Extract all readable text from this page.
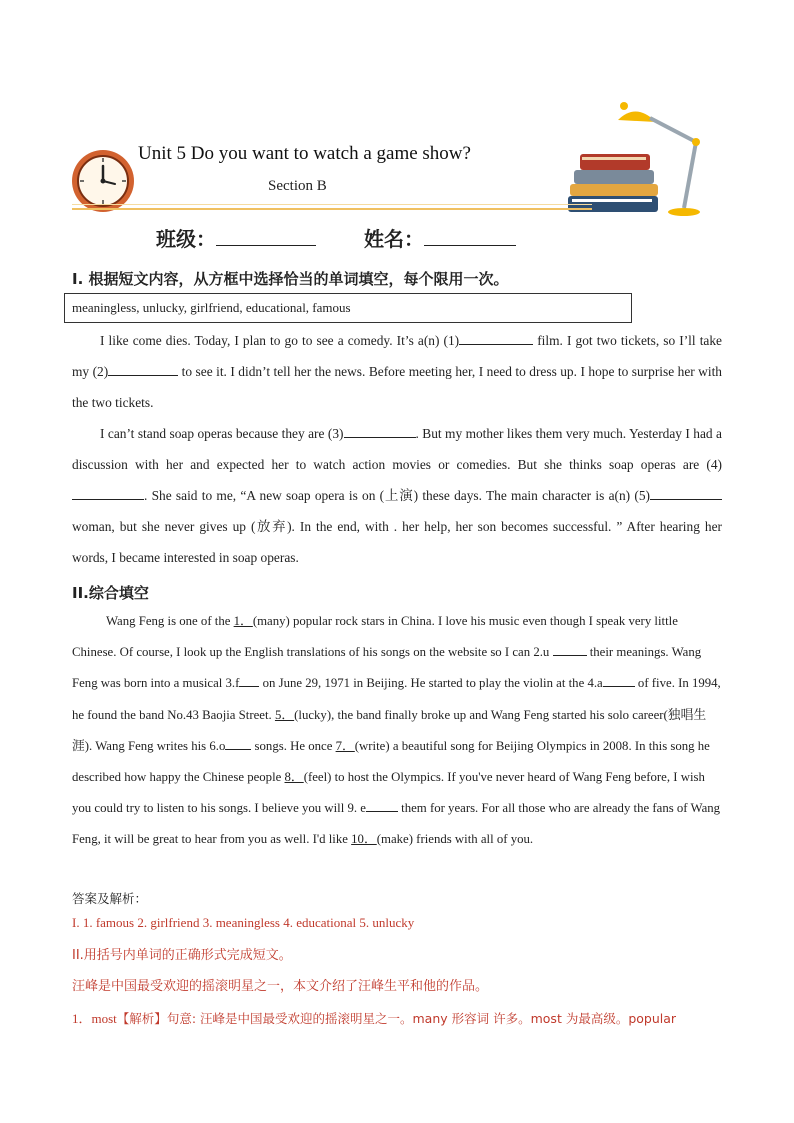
Unit 5 Do you want to watch a game show?
Section B
班级：	姓名：
I. 根据短文内容，从方框中选择恰当的单词填空，每个限用一次。
meaningless, unlucky, girlfriend, educational, famous

I like come dies. Today, I plan to go to see a comedy. It’s a(n) (1)	film. I got two tickets, so I’ll take my (2)	to see it. I didn’t tell her the news. Before meeting her, I need to dress up. I hope to surprise her with the two tickets.

I can’t stand soap operas because they are (3)	. But my mother likes them very much. Yesterday I had a discussion with her and expected her to watch action movies or comedies. But she thinks soap operas are (4). She said to me, “A new soap opera is on (上演) these days. The main character is a(n) (5) woman, but she never gives up (放弃). In the end, with . her help, her son becomes successful. ” After hearing her words, I became interested in soap operas.

II.综合填空

Wang Feng is one of the 1．(many) popular rock stars in China. I love his music even though I speak very little Chinese. Of course, I look up the English translations of his songs on the website so I can 2.u	their meanings. Wang Feng was born into a musical 3.f on June 29, 1971 in Beijing. He started to play the violin at the 4.a	of five. In 1994, he found the band No.43 Baojia Street. 5．(lucky), the band finally broke up and Wang Feng started his solo career(独唱生涯). Wang Feng writes his 6.o songs. He once 7．(write) a beautiful song for Beijing Olympics in 2008. In this song he described how happy the Chinese people 8．(feel) to host the Olympics. If you've never heard of Wang Feng before, I wish you could try to listen to his songs. I believe you will 9. e	them for years. For all those who are already the fans of Wang Feng, it will be great to hear from you as well. I'd like 10．(make) friends with all of you.

答案及解析：
I. 1. famous 2. girlfriend 3. meaningless 4. educational 5. unlucky
II.用括号内单词的正确形式完成短文。
汪峰是中国最受欢迎的摇滚明星之一，本文介绍了汪峰生平和他的作品。
1．most【解析】句意: 汪峰是中国最受欢迎的摇滚明星之一。many 形容词 许多。most 为最高级。popular
